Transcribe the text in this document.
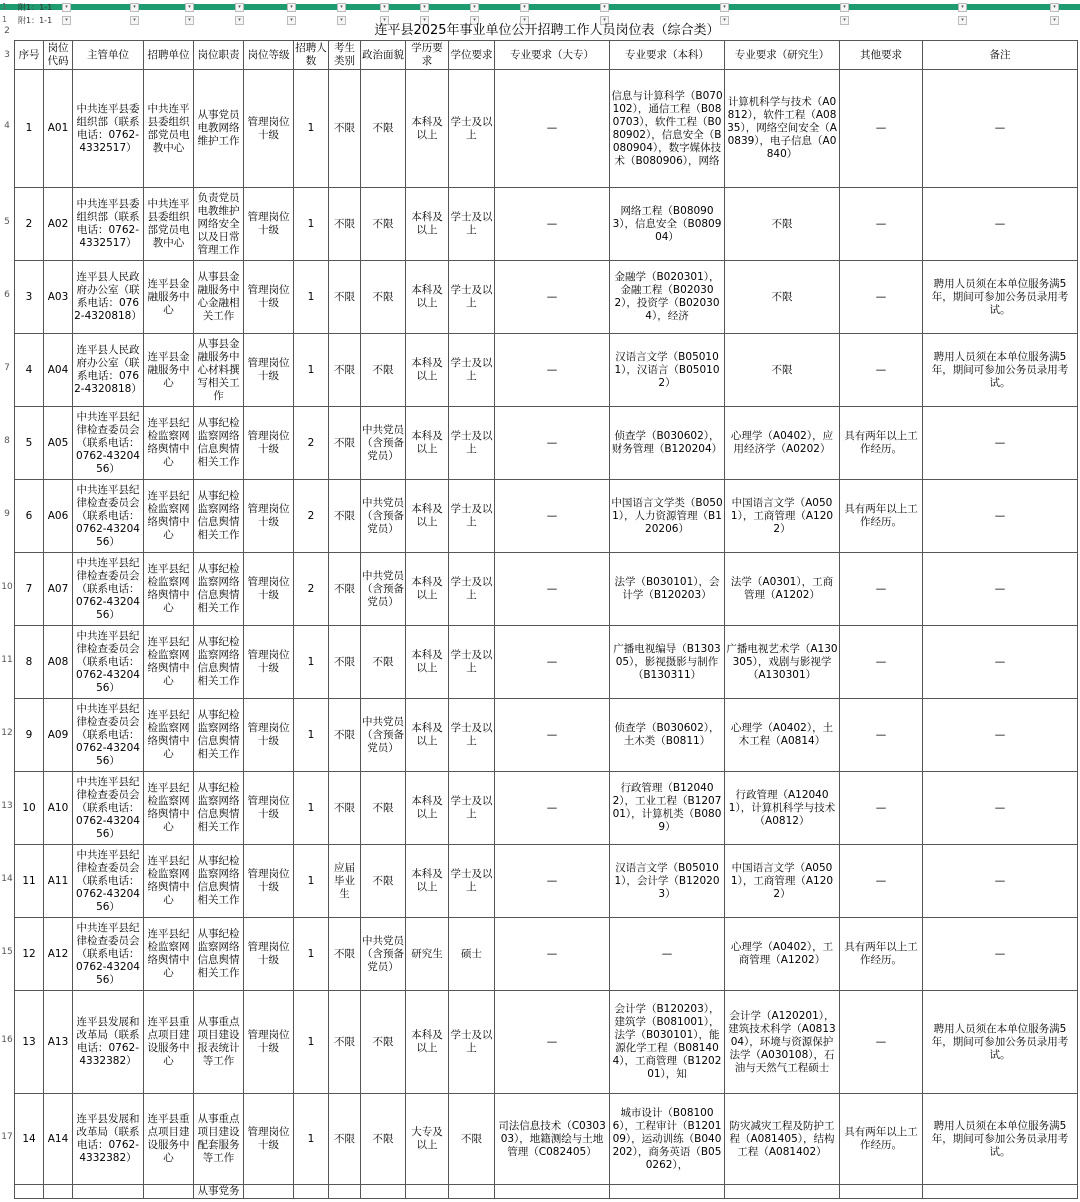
1	附1：1-1
1	附1：1-1
▾	▾	▾	▾	▾	▾	▾	▾	▾	▾	▾	▾	▾	▾	▾
▾	▾	▾	▾	▾	▾	▾	▾	▾	▾	▾	▾	▾	▾	▾
2
3
4
5
6
7
8
9
10
11
12
13
14
15
16
17
连平县2025年事业单位公开招聘工作人员岗位表（综合类）
序号	岗位代码	主管单位	招聘单位	岗位职责	岗位等级	招聘人数	考生类别	政治面貌	学历要求	学位要求	专业要求（大专）	专业要求（本科）	专业要求（研究生）	其他要求	备注
1	A01	中共连平县委组织部（联系电话：0762-4332517）	中共连平县委组织部党员电教中心	从事党员电教网络维护工作	管理岗位十级	1	不限	不限	本科及以上	学士及以上	—	信息与计算科学（B070102），通信工程（B080703），软件工程（B080902），信息安全（B080904），数字媒体技术（B080906），网络	计算机科学与技术（A0812），软件工程（A0835），网络空间安全（A0839），电子信息（A0840）	—	—
2	A02	中共连平县委组织部（联系电话：0762-4332517）	中共连平县委组织部党员电教中心	负责党员电教维护网络安全以及日常管理工作	管理岗位十级	1	不限	不限	本科及以上	学士及以上	—	网络工程（B080903），信息安全（B080904）	不限	—	—
3	A03	连平县人民政府办公室（联系电话：0762-4320818）	连平县金融服务中心	从事县金融服务中心金融相关工作	管理岗位十级	1	不限	不限	本科及以上	学士及以上	—	金融学（B020301），金融工程（B020302），投资学（B020304），经济	不限	—	聘用人员须在本单位服务满5年，期间可参加公务员录用考试。
4	A04	连平县人民政府办公室（联系电话：0762-4320818）	连平县金融服务中心	从事县金融服务中心材料撰写相关工作	管理岗位十级	1	不限	不限	本科及以上	学士及以上	—	汉语言文学（B050101），汉语言（B050102）	不限	—	聘用人员须在本单位服务满5年，期间可参加公务员录用考试。
5	A05	中共连平县纪律检查委员会（联系电话：0762-4320456）	连平县纪检监察网络舆情中心	从事纪检监察网络信息舆情相关工作	管理岗位十级	2	不限	中共党员（含预备党员）	本科及以上	学士及以上	—	侦查学（B030602），财务管理（B120204）	心理学（A0402），应用经济学（A0202）	具有两年以上工作经历。	—
6	A06	中共连平县纪律检查委员会（联系电话：0762-4320456）	连平县纪检监察网络舆情中心	从事纪检监察网络信息舆情相关工作	管理岗位十级	2	不限	中共党员（含预备党员）	本科及以上	学士及以上	—	中国语言文学类（B0501），人力资源管理（B120206）	中国语言文学（A0501），工商管理（A1202）	具有两年以上工作经历。	—
7	A07	中共连平县纪律检查委员会（联系电话：0762-4320456）	连平县纪检监察网络舆情中心	从事纪检监察网络信息舆情相关工作	管理岗位十级	2	不限	中共党员（含预备党员）	本科及以上	学士及以上	—	法学（B030101），会计学（B120203）	法学（A0301），工商管理（A1202）	—	—
8	A08	中共连平县纪律检查委员会（联系电话：0762-4320456）	连平县纪检监察网络舆情中心	从事纪检监察网络信息舆情相关工作	管理岗位十级	1	不限	不限	本科及以上	学士及以上	—	广播电视编导（B130305），影视摄影与制作（B130311）	广播电视艺术学（A130305），戏剧与影视学（A130301）	—	—
9	A09	中共连平县纪律检查委员会（联系电话：0762-4320456）	连平县纪检监察网络舆情中心	从事纪检监察网络信息舆情相关工作	管理岗位十级	1	不限	中共党员（含预备党员）	本科及以上	学士及以上	—	侦查学（B030602），土木类（B0811）	心理学（A0402），土木工程（A0814）	—	—
10	A10	中共连平县纪律检查委员会（联系电话：0762-4320456）	连平县纪检监察网络舆情中心	从事纪检监察网络信息舆情相关工作	管理岗位十级	1	不限	不限	本科及以上	学士及以上	—	行政管理（B120402），工业工程（B120701），计算机类（B0809）	行政管理（A120401），计算机科学与技术（A0812）	—	—
11	A11	中共连平县纪律检查委员会（联系电话：0762-4320456）	连平县纪检监察网络舆情中心	从事纪检监察网络信息舆情相关工作	管理岗位十级	1	应届毕业生	不限	本科及以上	学士及以上	—	汉语言文学（B050101），会计学（B120203）	中国语言文学（A0501），工商管理（A1202）	—	—
12	A12	中共连平县纪律检查委员会（联系电话：0762-4320456）	连平县纪检监察网络舆情中心	从事纪检监察网络信息舆情相关工作	管理岗位十级	1	不限	中共党员（含预备党员）	研究生	硕士	—	—	心理学（A0402），工商管理（A1202）	具有两年以上工作经历。	—
13	A13	连平县发展和改革局（联系电话：0762-4332382）	连平县重点项目建设服务中心	从事重点项目建设报表统计等工作	管理岗位十级	1	不限	不限	本科及以上	学士及以上	—	会计学（B120203），建筑学（B081001），法学（B030101），能源化学工程（B081404），工商管理（B120201），知	会计学（A120201），建筑技术科学（A081304），环境与资源保护法学（A030108），石油与天然气工程硕士	—	聘用人员须在本单位服务满5年，期间可参加公务员录用考试。
14	A14	连平县发展和改革局（联系电话：0762-4332382）	连平县重点项目建设服务中心	从事重点项目建设配套服务等工作	管理岗位十级	1	不限	不限	大专及以上	不限	司法信息技术（C030303），地籍测绘与土地管理（C082405）	城市设计（B081006），工程审计（B120109），运动训练（B040202），商务英语（B050262），	防灾减灾工程及防护工程（A081405），结构工程（A081402）	具有两年以上工作经历。	聘用人员须在本单位服务满5年，期间可参加公务员录用考试。
				从事党务											
